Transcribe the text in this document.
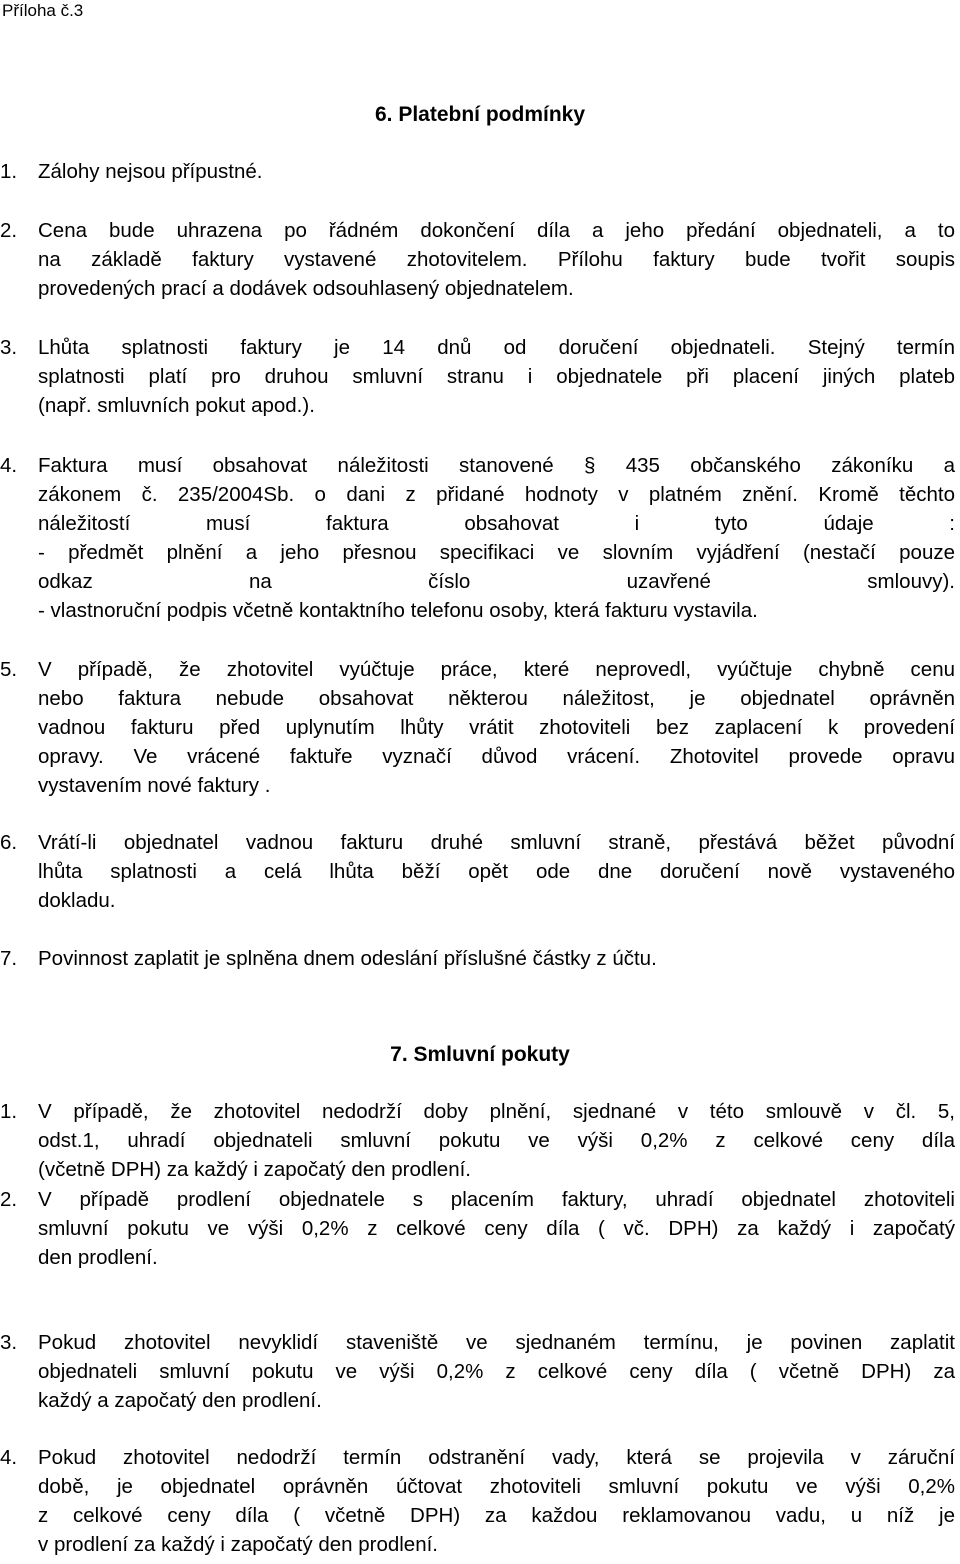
Příloha č.3
6. Platební podmínky
1.	Zálohy nejsou přípustné.
2.	Cena bude uhrazena po řádném dokončení díla a jeho předání objednateli, a to
na základě faktury vystavené zhotovitelem. Přílohu faktury bude tvořit soupis
provedených prací a dodávek odsouhlasený objednatelem.
3.	Lhůta splatnosti faktury je 14 dnů od doručení objednateli. Stejný termín
splatnosti platí pro druhou smluvní stranu i objednatele při placení jiných plateb
(např. smluvních pokut apod.).
4.	Faktura musí obsahovat náležitosti stanovené § 435 občanského zákoníku a
zákonem č. 235/2004Sb. o dani z přidané hodnoty v platném znění. Kromě těchto
náležitostí musí faktura obsahovat i tyto údaje :
- předmět plnění a jeho přesnou specifikaci ve slovním vyjádření (nestačí pouze
odkaz na číslo uzavřené smlouvy).
- vlastnoruční podpis včetně kontaktního telefonu osoby, která fakturu vystavila.
5.	V případě, že zhotovitel vyúčtuje práce, které neprovedl, vyúčtuje chybně cenu
nebo faktura nebude obsahovat některou náležitost, je objednatel oprávněn
vadnou fakturu před uplynutím lhůty vrátit zhotoviteli bez zaplacení k provedení
opravy. Ve vrácené faktuře vyznačí důvod vrácení. Zhotovitel provede opravu
vystavením nové faktury .
6.	Vrátí-li objednatel vadnou fakturu druhé smluvní straně, přestává běžet původní
lhůta splatnosti a celá lhůta běží opět ode dne doručení nově vystaveného
dokladu.
7.	Povinnost zaplatit je splněna dnem odeslání příslušné částky z účtu.
7. Smluvní pokuty
1.	V případě, že zhotovitel nedodrží doby plnění, sjednané v této smlouvě v čl. 5,
odst.1, uhradí objednateli smluvní pokutu ve výši 0,2% z celkové ceny díla
(včetně DPH) za každý i započatý den prodlení.
2.	V případě prodlení objednatele s placením faktury, uhradí objednatel zhotoviteli
smluvní pokutu ve výši 0,2% z celkové ceny díla ( vč. DPH) za každý i započatý
den prodlení.
3.	Pokud zhotovitel nevyklidí staveniště ve sjednaném termínu, je povinen zaplatit
objednateli smluvní pokutu ve výši 0,2% z celkové ceny díla ( včetně DPH) za
každý a započatý den prodlení.
4.	Pokud zhotovitel nedodrží termín odstranění vady, která se projevila v záruční
době, je objednatel oprávněn účtovat zhotoviteli smluvní pokutu ve výši 0,2%
z celkové ceny díla ( včetně DPH) za každou reklamovanou vadu, u níž je
v prodlení za každý i započatý den prodlení.
